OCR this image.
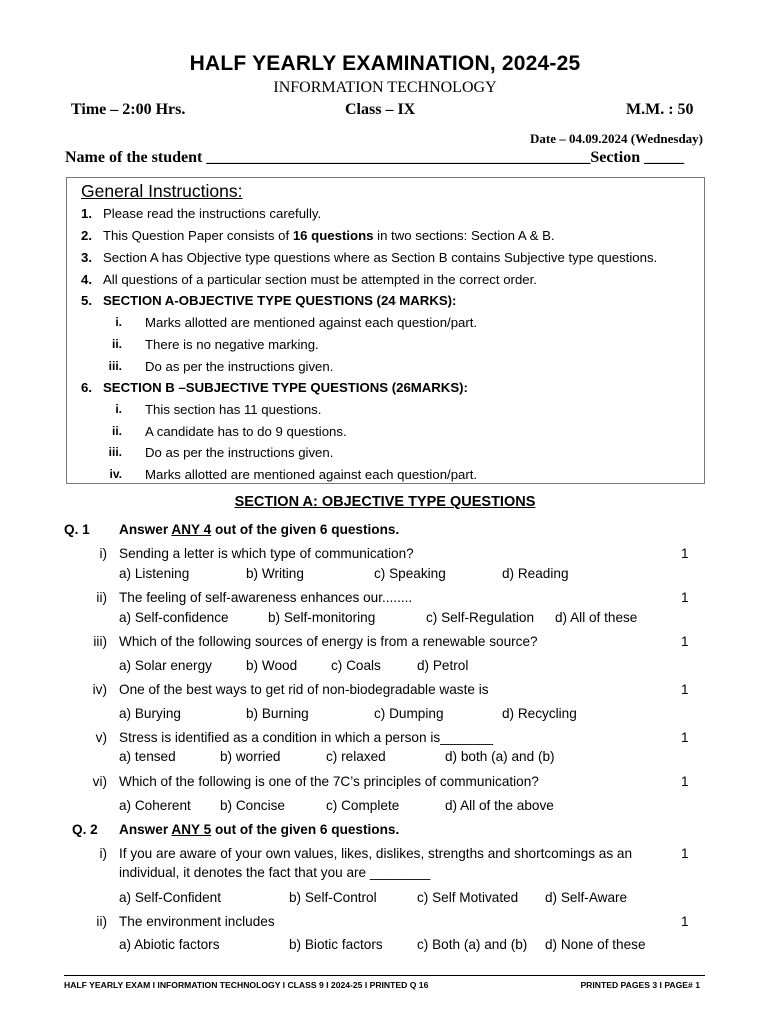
HALF YEARLY EXAMINATION, 2024-25
INFORMATION TECHNOLOGY
Time – 2:00 Hrs.	Class – IX	M.M. : 50
Date – 04.09.2024 (Wednesday)
Name of the student ________________________________________________Section _____
General Instructions:
1. Please read the instructions carefully.
2. This Question Paper consists of 16 questions in two sections: Section A & B.
3. Section A has Objective type questions where as Section B contains Subjective type questions.
4. All questions of a particular section must be attempted in the correct order.
5. SECTION A-OBJECTIVE TYPE QUESTIONS (24 MARKS):
i. Marks allotted are mentioned against each question/part.
ii. There is no negative marking.
iii. Do as per the instructions given.
6. SECTION B –SUBJECTIVE TYPE QUESTIONS (26MARKS):
i. This section has 11 questions.
ii. A candidate has to do 9 questions.
iii. Do as per the instructions given.
iv. Marks allotted are mentioned against each question/part.
SECTION A: OBJECTIVE TYPE QUESTIONS
Q. 1 Answer ANY 4 out of the given 6 questions.
i) Sending a letter is which type of communication?	1
a) Listening	b) Writing	c) Speaking	d) Reading
ii) The feeling of self-awareness enhances our........	1
a) Self-confidence	b) Self-monitoring	c) Self-Regulation d) All of these
iii) Which of the following sources of energy is from a renewable source?	1
a) Solar energy	b) Wood c) Coals	d) Petrol
iv) One of the best ways to get rid of non-biodegradable waste is	1
a) Burying	b) Burning	c) Dumping	d) Recycling
v) Stress is identified as a condition in which a person is_______	1
a) tensed	b) worried	c) relaxed	d) both (a) and (b)
vi) Which of the following is one of the 7C’s principles of communication?	1
a) Coherent b) Concise	c) Complete	d) All of the above
Q. 2 Answer ANY 5 out of the given 6 questions.
i) If you are aware of your own values, likes, dislikes, strengths and shortcomings as an
individual, it denotes the fact that you are ________
1
a) Self-Confident	b) Self-Control	c) Self Motivated d) Self-Aware
ii) The environment includes	1
a) Abiotic factors	b) Biotic factors	c) Both (a) and (b) d) None of these
HALF YEARLY EXAM I INFORMATION TECHNOLOGY I CLASS 9 I 2024-25 I PRINTED Q 16	PRINTED PAGES 3 I PAGE# 1
